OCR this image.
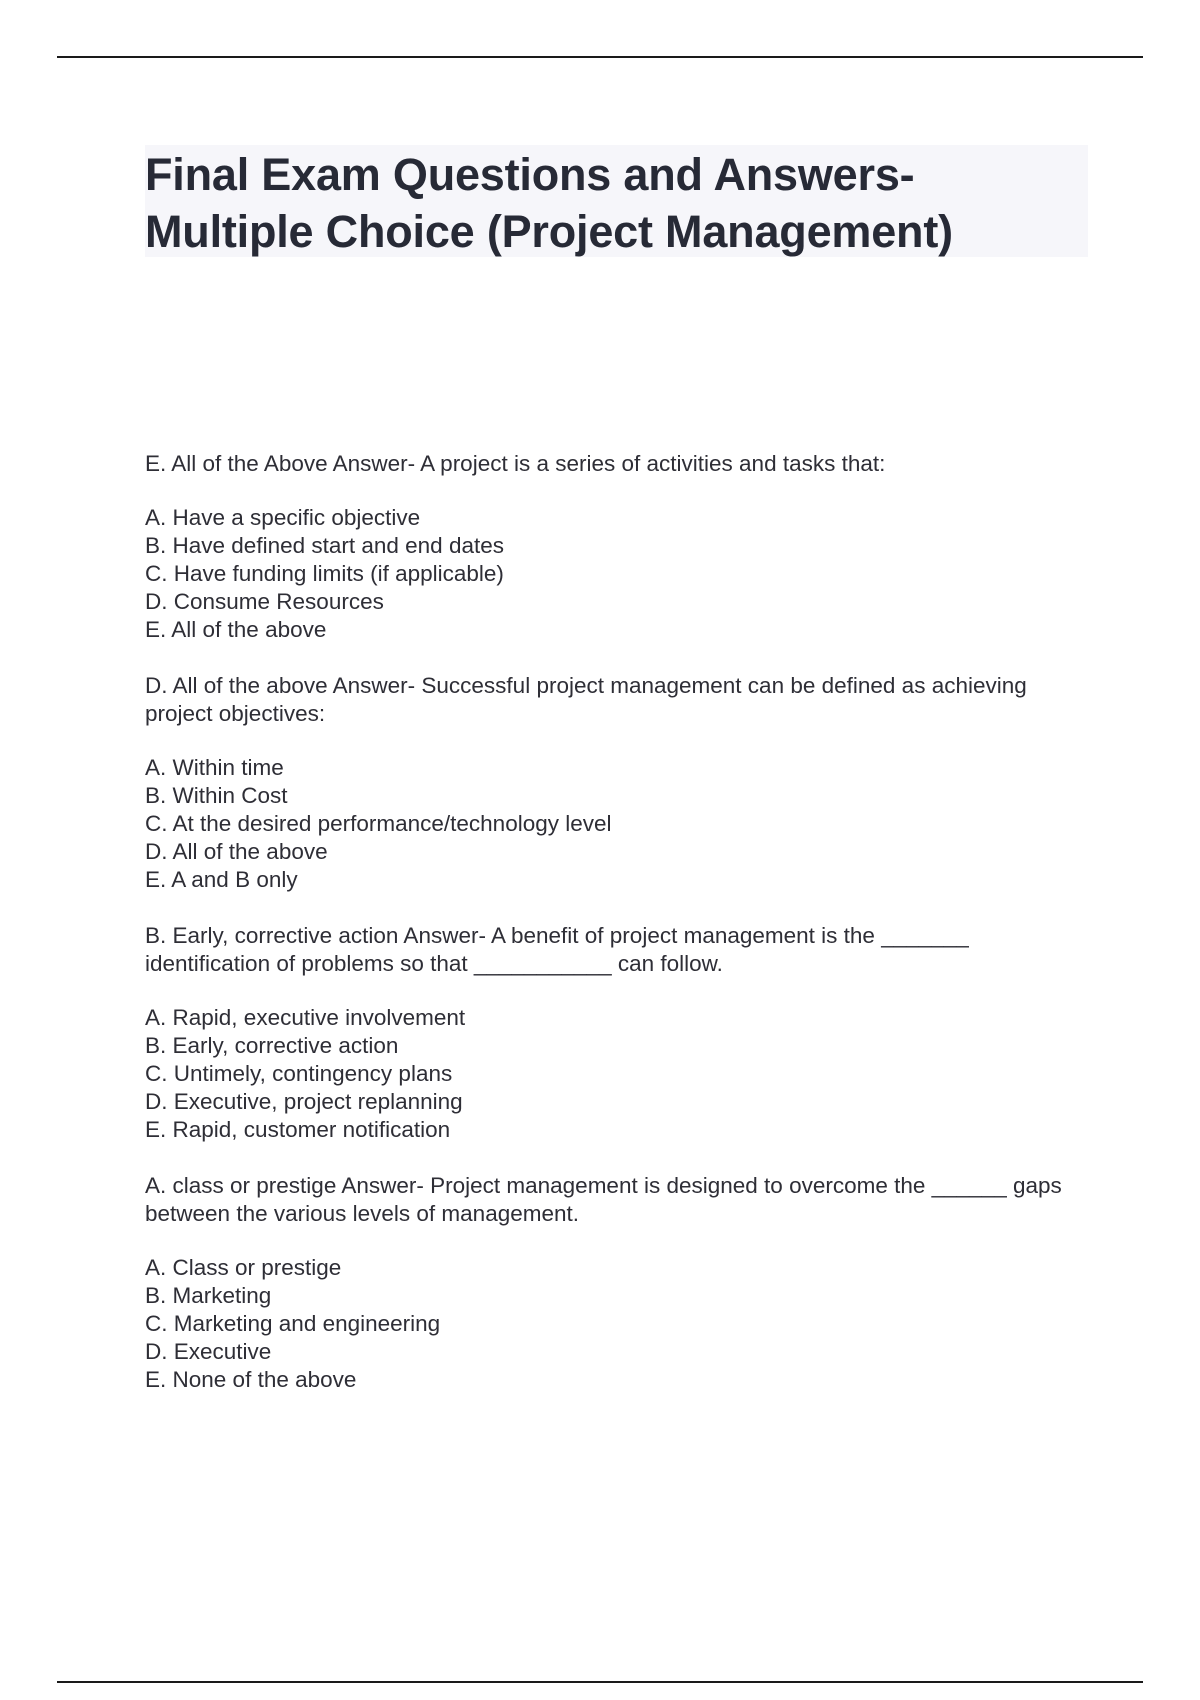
Final Exam Questions and Answers- Multiple Choice (Project Management)

E. All of the Above Answer- A project is a series of activities and tasks that:

A. Have a specific objective
B. Have defined start and end dates
C. Have funding limits (if applicable)
D. Consume Resources
E. All of the above

D. All of the above Answer- Successful project management can be defined as achieving project objectives:

A. Within time
B. Within Cost
C. At the desired performance/technology level
D. All of the above
E. A and B only

B. Early, corrective action Answer- A benefit of project management is the _______ identification of problems so that ___________ can follow.

A. Rapid, executive involvement
B. Early, corrective action
C. Untimely, contingency plans
D. Executive, project replanning
E. Rapid, customer notification

A. class or prestige Answer- Project management is designed to overcome the ______ gaps between the various levels of management.

A. Class or prestige
B. Marketing
C. Marketing and engineering
D. Executive
E. None of the above
